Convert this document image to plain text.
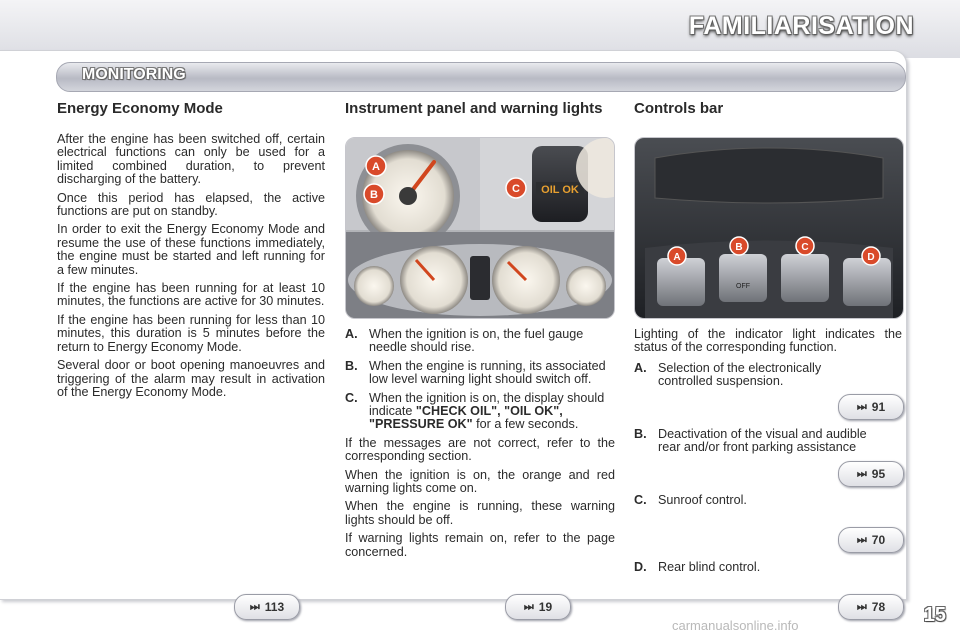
FAMILIARISATION
MONITORING
Energy Economy Mode

After the engine has been switched off, certain electrical functions can only be used for a limited combined duration, to prevent discharging of the battery.

Once this period has elapsed, the active functions are put on standby.

In order to exit the Energy Economy Mode and resume the use of these functions immediately, the engine must be started and left running for a few minutes.

If the engine has been running for at least 10 minutes, the functions are active for 30 minutes.

If the engine has been running for less than 10 minutes, this duration is 5 minutes before the return to Energy Economy Mode.

Several door or boot opening manoeuvres and triggering of the alarm may result in activation of the Energy Economy Mode.

Instrument panel and warning lights
A
B	OIL OK
C
A. When the ignition is on, the fuel gauge needle should rise.
B. When the engine is running, its associated low level warning light should switch off.
C. When the ignition is on, the display should indicate "CHECK OIL", "OIL OK", "PRESSURE OK" for a few seconds.

If the messages are not correct, refer to the corresponding section.

When the ignition is on, the orange and red warning lights come on.

When the engine is running, these warning lights should be off.

If warning lights remain on, refer to the page concerned.

Controls bar
OFF
A
B	C
D

Lighting of the indicator light indicates the status of the corresponding function.

A. Selection of the electronically controlled suspension.
B. Deactivation of the visual and audible rear and/or front parking assistance
C. Sunroof control.
D. Rear blind control.
⏭ 91
⏭ 95
⏭ 70
⏭ 78
⏭ 113	⏭ 19	15
carmanualsonline.info
